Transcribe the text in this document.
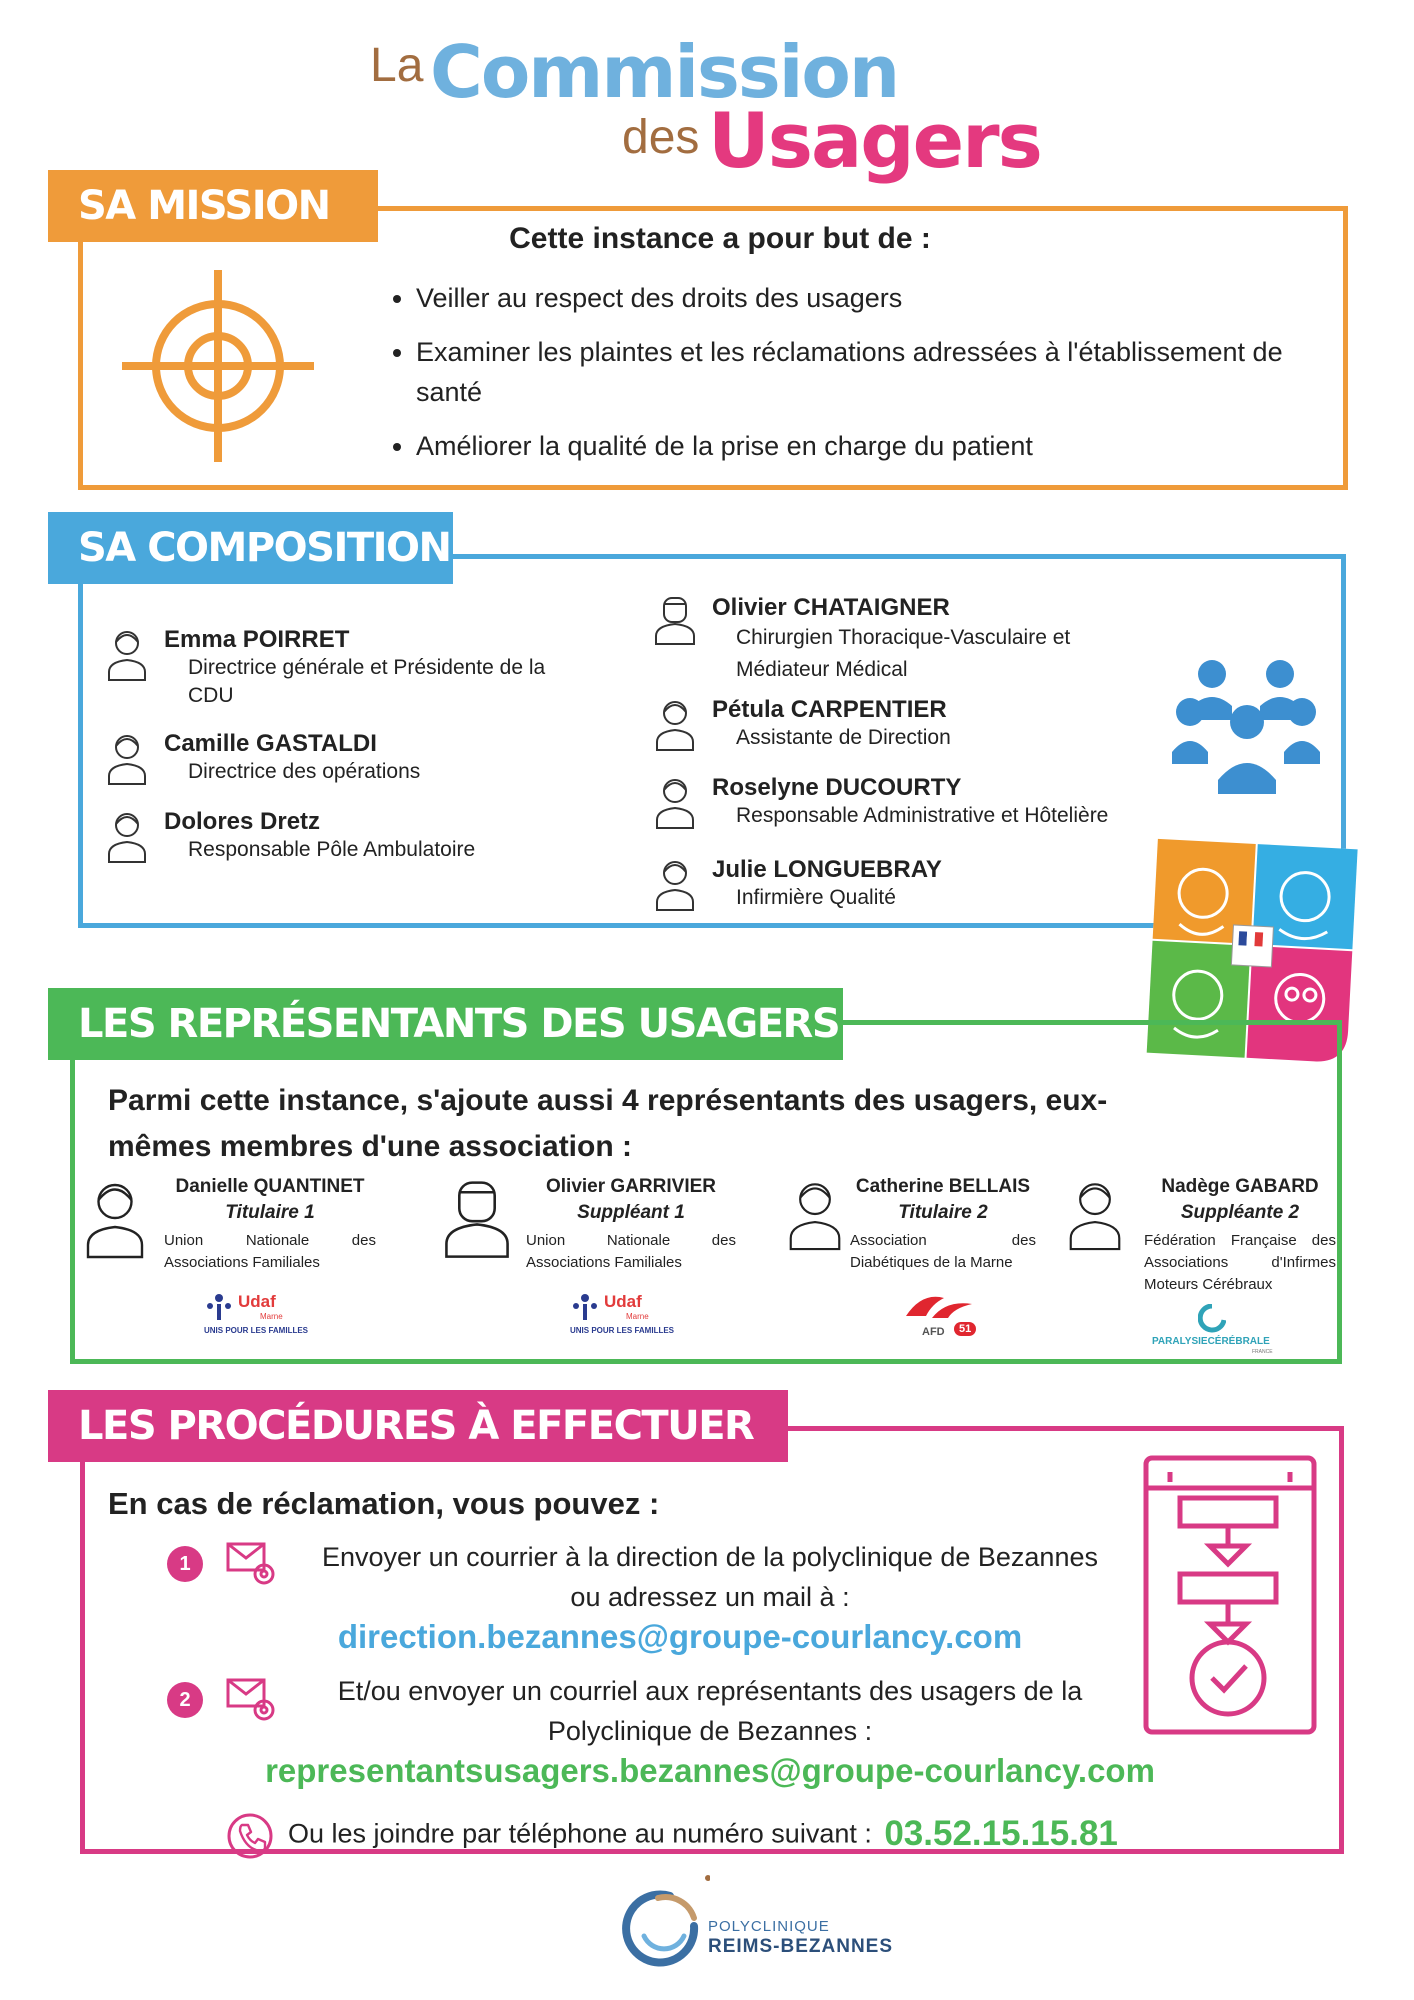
La Commission
des Usagers
SA MISSION
Cette instance a pour but de :
• Veiller au respect des droits des usagers
• Examiner les plaintes et les réclamations adressées à l'établissement de santé
• Améliorer la qualité de la prise en charge du patient
SA COMPOSITION
Emma POIRRET
Directrice générale et Présidente de la CDU
Camille GASTALDI
Directrice des opérations
Dolores Dretz
Responsable Pôle Ambulatoire
Olivier CHATAIGNER
Chirurgien Thoracique-Vasculaire et Médiateur Médical
Pétula CARPENTIER
Assistante de Direction
Roselyne DUCOURTY
Responsable Administrative et Hôtelière
Julie LONGUEBRAY
Infirmière Qualité
LES REPRÉSENTANTS DES USAGERS
Parmi cette instance, s'ajoute aussi 4 représentants des usagers, eux-mêmes membres d'une association :
Danielle QUANTINET
Titulaire 1
Union Nationale des Associations Familiales
Udaf
Marne
UNIS POUR LES FAMILLES
Olivier GARRIVIER
Suppléant 1
Union Nationale des Associations Familiales
Udaf
Marne
UNIS POUR LES FAMILLES
Catherine BELLAIS
Titulaire 2
Association des Diabétiques de la Marne
AFD	51
Nadège GABARD
Suppléante 2
Fédération Française des Associations d'Infirmes Moteurs Cérébraux
PARALYSIECÉRÉBRALE
FRANCE
LES PROCÉDURES À EFFECTUER
En cas de réclamation, vous pouvez :
1	Envoyer un courrier à la direction de la polyclinique de Bezannes
ou adressez un mail à :
direction.bezannes@groupe-courlancy.com
2	Et/ou envoyer un courriel aux représentants des usagers de la
Polyclinique de Bezannes :
representantsusagers.bezannes@groupe-courlancy.com
Ou les joindre par téléphone au numéro suivant : 03.52.15.15.81
POLYCLINIQUE
REIMS-BEZANNES
